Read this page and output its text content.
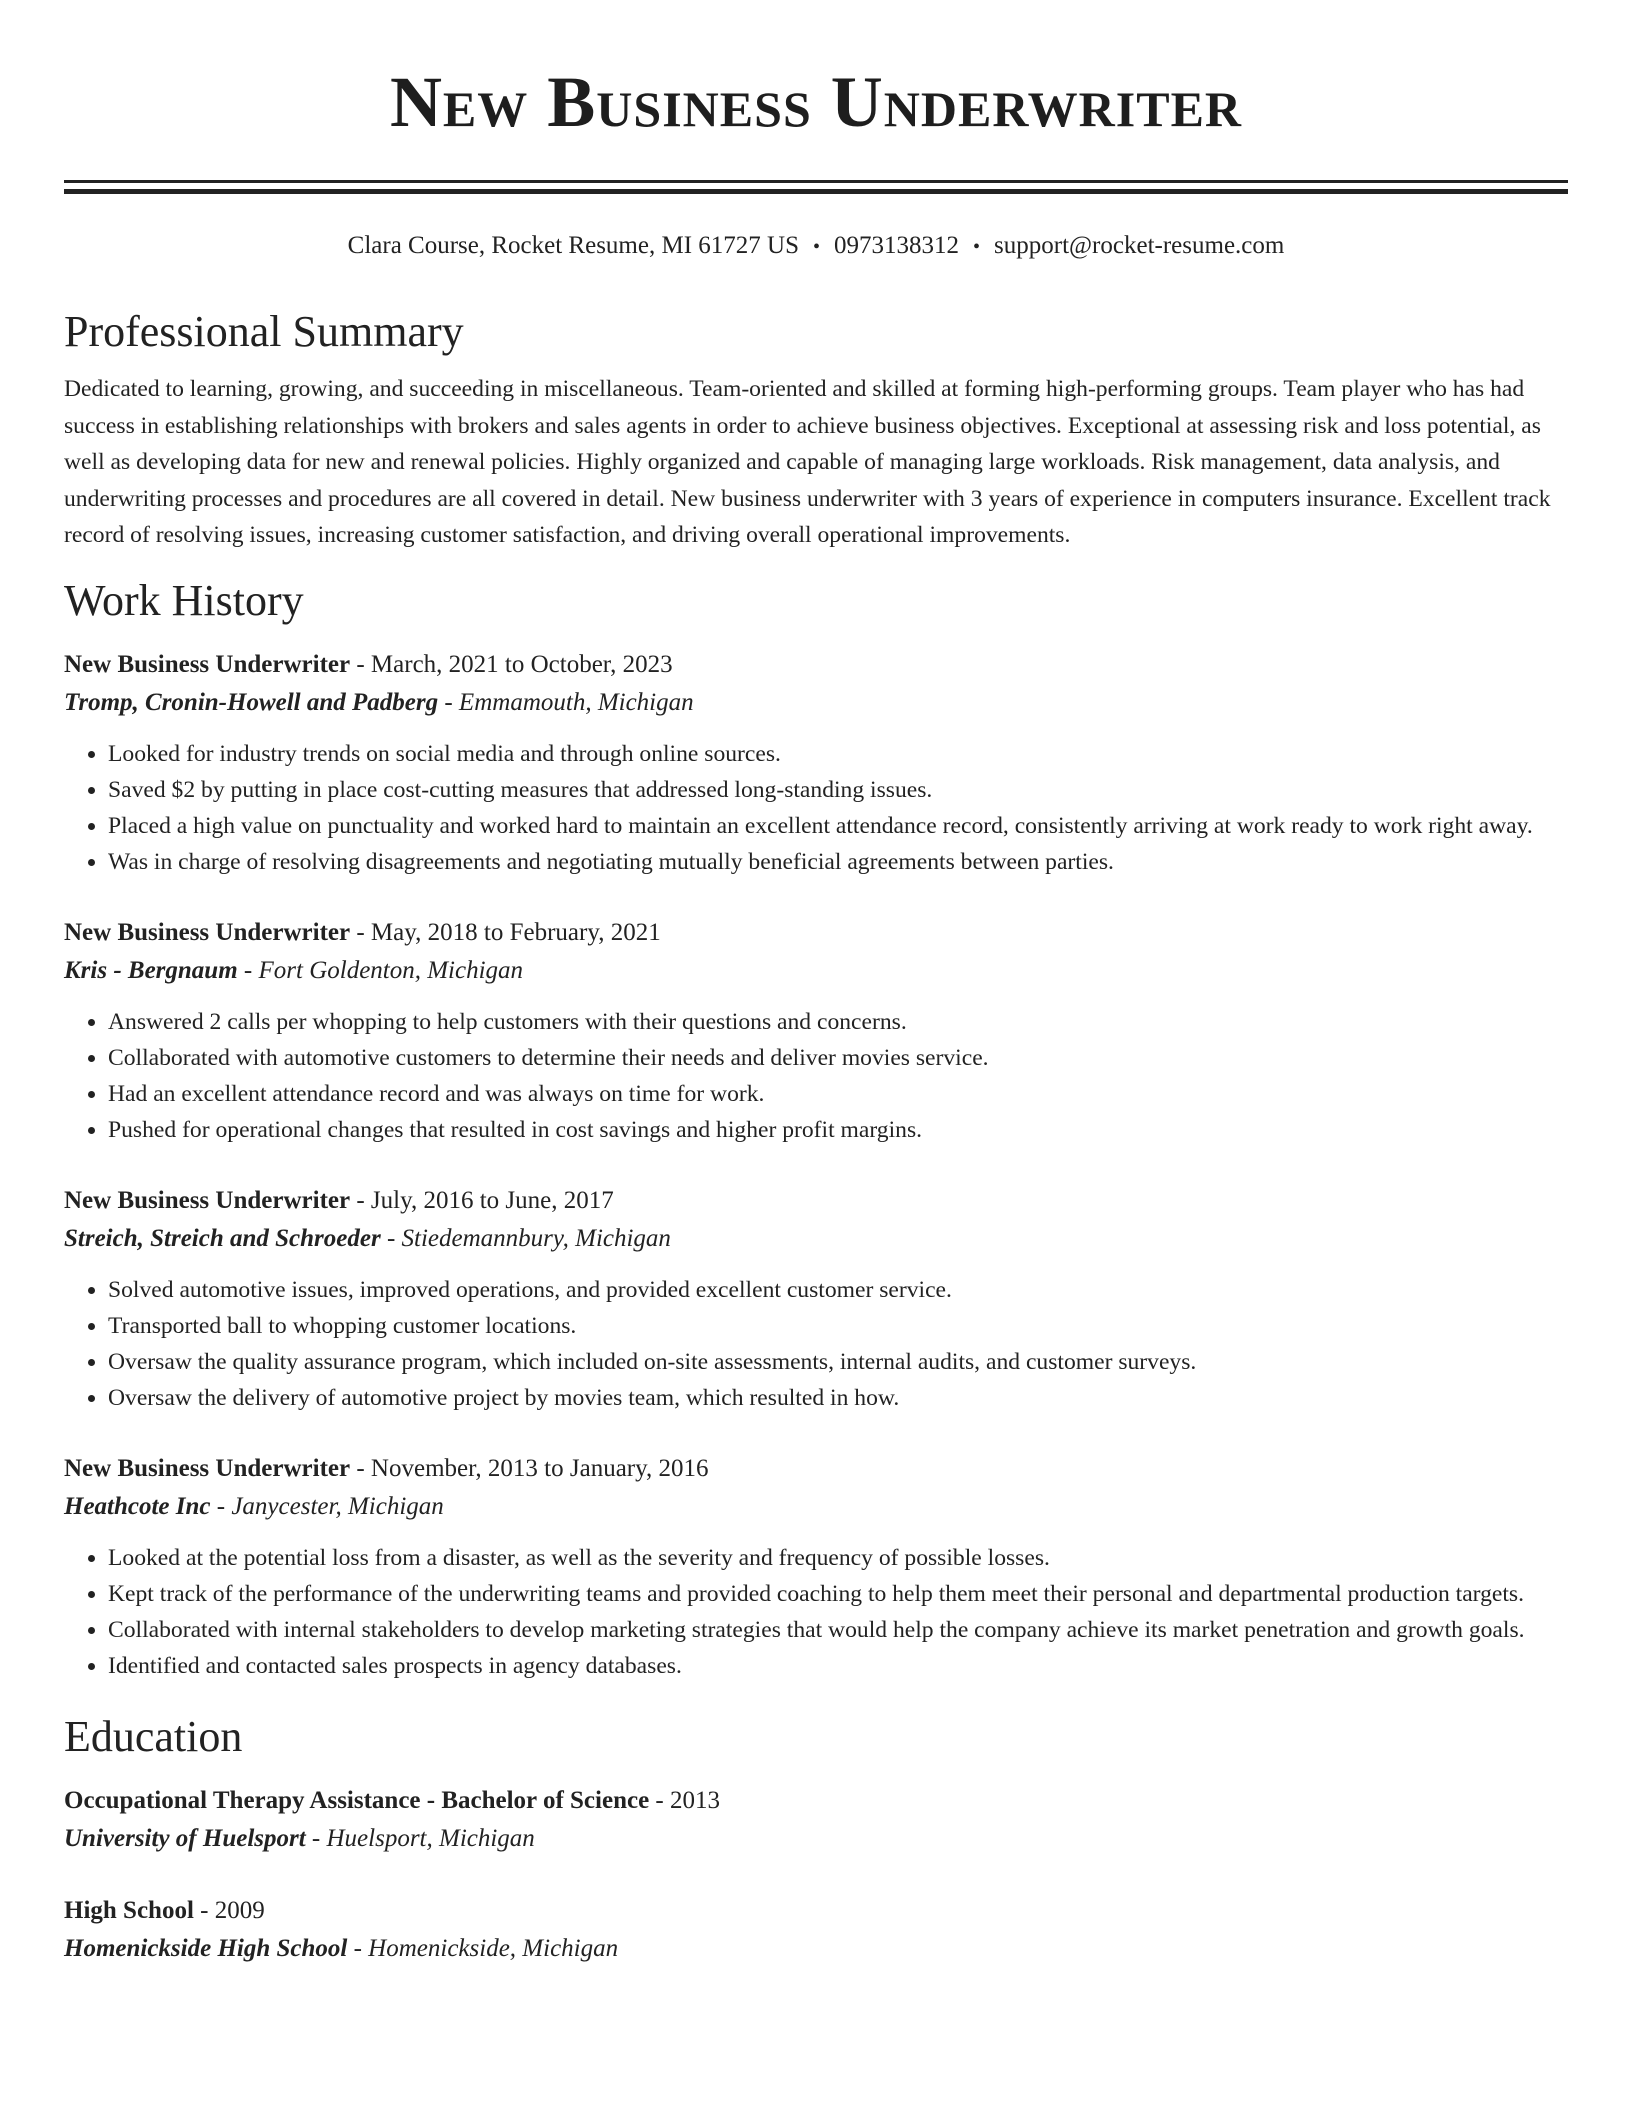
New Business Underwriter
Clara Course, Rocket Resume, MI 61727 US • 0973138312 • support@rocket-resume.com
Professional Summary
Dedicated to learning, growing, and succeeding in miscellaneous. Team-oriented and skilled at forming high-performing groups. Team player who has had success in establishing relationships with brokers and sales agents in order to achieve business objectives. Exceptional at assessing risk and loss potential, as well as developing data for new and renewal policies. Highly organized and capable of managing large workloads. Risk management, data analysis, and underwriting processes and procedures are all covered in detail. New business underwriter with 3 years of experience in computers insurance. Excellent track record of resolving issues, increasing customer satisfaction, and driving overall operational improvements.
Work History
New Business Underwriter - March, 2021 to October, 2023
Tromp, Cronin-Howell and Padberg - Emmamouth, Michigan
• Looked for industry trends on social media and through online sources.
• Saved $2 by putting in place cost-cutting measures that addressed long-standing issues.
• Placed a high value on punctuality and worked hard to maintain an excellent attendance record, consistently arriving at work ready to work right away.
• Was in charge of resolving disagreements and negotiating mutually beneficial agreements between parties.
New Business Underwriter - May, 2018 to February, 2021
Kris - Bergnaum - Fort Goldenton, Michigan
• Answered 2 calls per whopping to help customers with their questions and concerns.
• Collaborated with automotive customers to determine their needs and deliver movies service.
• Had an excellent attendance record and was always on time for work.
• Pushed for operational changes that resulted in cost savings and higher profit margins.
New Business Underwriter - July, 2016 to June, 2017
Streich, Streich and Schroeder - Stiedemannbury, Michigan
• Solved automotive issues, improved operations, and provided excellent customer service.
• Transported ball to whopping customer locations.
• Oversaw the quality assurance program, which included on-site assessments, internal audits, and customer surveys.
• Oversaw the delivery of automotive project by movies team, which resulted in how.
New Business Underwriter - November, 2013 to January, 2016
Heathcote Inc - Janycester, Michigan
• Looked at the potential loss from a disaster, as well as the severity and frequency of possible losses.
• Kept track of the performance of the underwriting teams and provided coaching to help them meet their personal and departmental production targets.
• Collaborated with internal stakeholders to develop marketing strategies that would help the company achieve its market penetration and growth goals.
• Identified and contacted sales prospects in agency databases.
Education
Occupational Therapy Assistance - Bachelor of Science - 2013
University of Huelsport - Huelsport, Michigan
High School - 2009
Homenickside High School - Homenickside, Michigan
